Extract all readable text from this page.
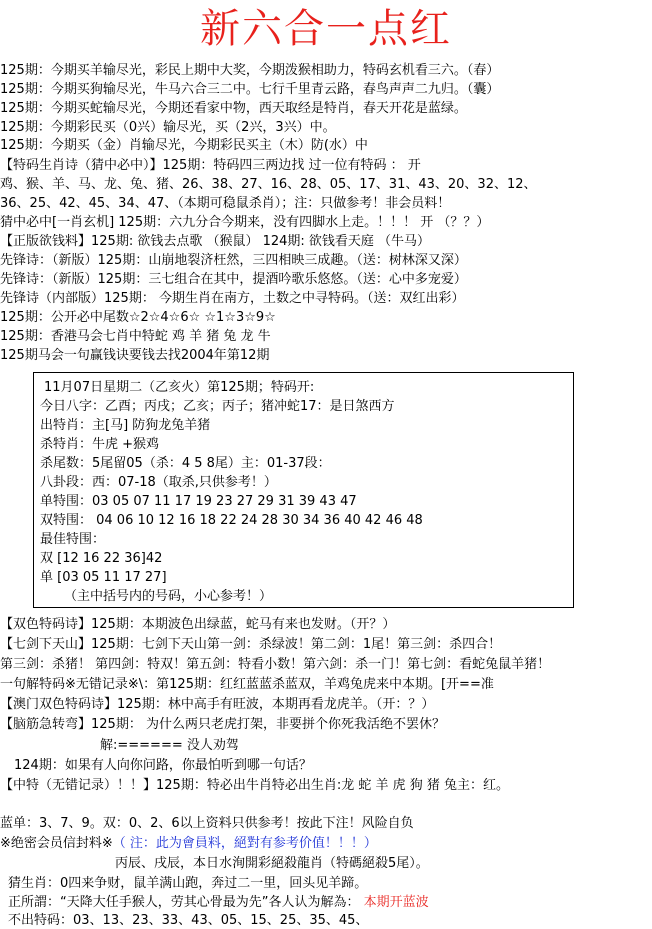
新六合一点红
125期：今期买羊输尽光，彩民上期中大奖，今期泼猴相助力，特码玄机看三六。（春）
125期：今期买狗输尽光，牛马六合三二中。七行千里青云路，春鸟声声二九归。（囊）
125期：今期买蛇输尽光，今期还看家中物，西天取经是特肖，春天开花是蓝绿。
125期：今期彩民买（0兴）输尽光，买（2兴，3兴）中。
125期：今期买（金）肖输尽光，今期彩民买主（木）防(水）中
【特码生肖诗（猜中必中）】125期：特码四三两边找 过一位有特码 ： 开
鸡、猴、羊、马、龙、兔、猪、26、38、27、16、28、05、17、31、43、20、32、12、
36、25、42、45、34、47、（本期可稳鼠杀肖）；注：只做参考！非会员料！
猜中必中[一肖玄机] 125期：六九分合今期来，没有四脚水上走。！！！ 开 （？？）
【正版欲钱料】125期: 欲钱去点歌 （猴鼠） 124期: 欲钱看天庭 （牛马）
先锋诗：（新版）125期：山崩地裂济枉然，三四相映三成趣。（送：树林深又深）
先锋诗：（新版）125期：三七组合在其中，提酒吟歌乐悠悠。（送：心中多宠爱）
先锋诗（内部版）125期： 今期生肖在南方，土数之中寻特码。（送：双红出彩）
125期：公开必中尾数☆2☆4☆6☆ ☆1☆3☆9☆
125期：香港马会七肖中特蛇 鸡 羊 猪 兔 龙 牛
125期马会一句赢钱诀要钱去找2004年第12期
11月07日星期二（乙亥火）第125期；特码开:
今日八字：乙酉；丙戌；乙亥；丙子；猪冲蛇17：是日煞西方
出特肖：主[马] 防狗龙兔羊猪
杀特肖：牛虎 +猴鸡
杀尾数：5尾留05（杀：4 5 8尾）主：01-37段：
八卦段：西：07-18（取杀,只供参考！）
单特围：03 05 07 11 17 19 23 27 29 31 39 43 47
双特围： 04 06 10 12 16 18 22 24 28 30 34 36 40 42 46 48
最佳特围：
双 [12 16 22 36]42
单 [03 05 11 17 27]
（主中括号内的号码，小心参考！）
【双色特码诗】125期：本期波色出绿蓝，蛇马有来也发财。（开？）
【七剑下天山】125期：七剑下天山第一剑：杀绿波！第二剑：1尾！第三剑：杀四合！
第三剑：杀猪！ 第四剑：特双！第五剑：特看小数！第六剑：杀一门！第七剑：看蛇兔鼠羊猪！
一句解特码※无错记录※\：第125期：红红蓝蓝杀蓝双，羊鸡兔虎来中本期。[开==准
【澳门双色特码诗】125期：林中高手有旺波，本期再看龙虎羊。（开：？）
【脑筋急转弯】125期： 为什么两只老虎打架，非要拼个你死我活绝不罢休？
解:====== 没人劝驾
124期：如果有人向你问路，你最怕听到哪一句话？
【中特（无错记录）！！】125期：特必出牛肖特必出生肖:龙 蛇 羊 虎 狗 猪 兔主：红。
蓝单：3、7、9。双：0、2、6以上资料只供参考！按此下注！风险自负
※绝密会员信封料※（ 注：此为會員料，絕對有参考价值！！！）
丙辰、戌辰，本日水洵開彩絕殺龍肖（特碼絕殺5尾）。
猜生肖：0四来争财，鼠羊满山跑，奔过二一里，回头见羊蹄。
正所謂：“天降大任手猴人，劳其心骨最为先”各人认为解為： 本期开蓝波
不出特码：03、13、23、33、43、05、15、25、35、45、
